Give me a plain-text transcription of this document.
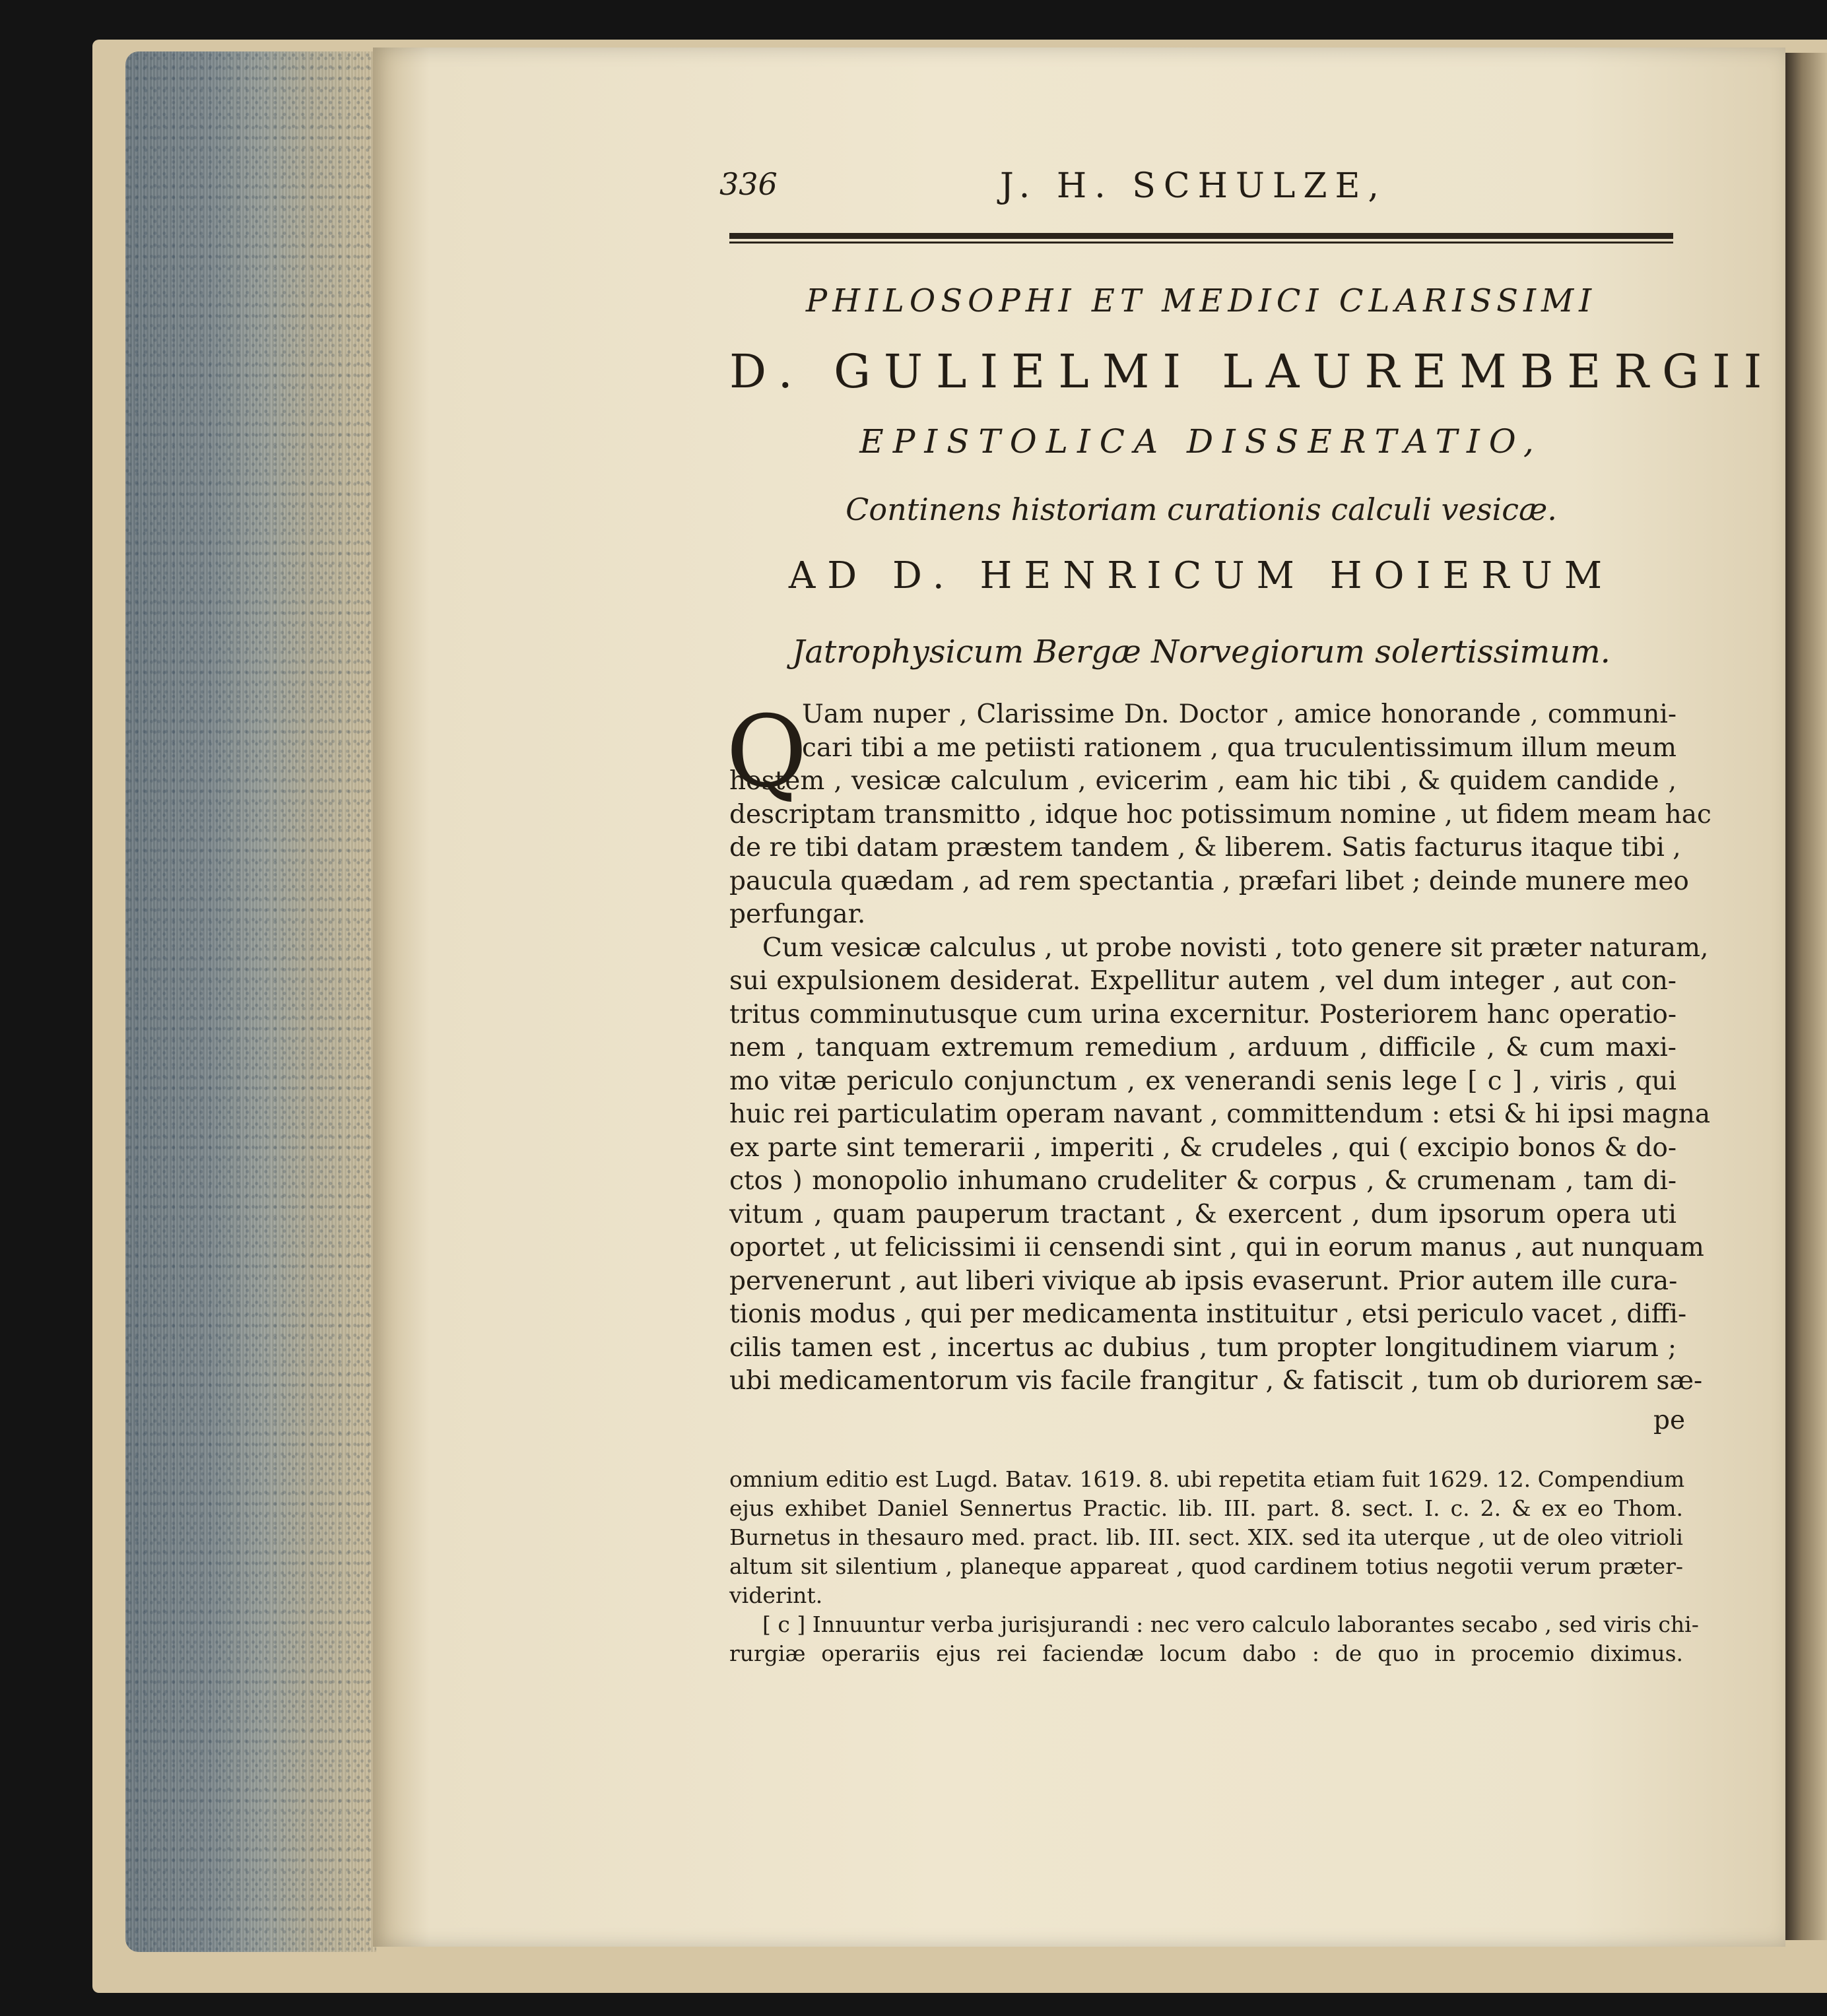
336	J. H. SCHULZE,
PHILOSOPHI ET MEDICI CLARISSIMI
D. GULIELMI LAUREMBERGII
EPISTOLICA DISSERTATIO,
Continens historiam curationis calculi vesicæ.
AD D. HENRICUM HOIERUM
Jatrophysicum Bergæ Norvegiorum solertissimum.
Q
Uam nuper , Clarissime Dn. Doctor , amice honorande , communi-
cari tibi a me petiisti rationem , qua truculentissimum illum meum
hostem , vesicæ calculum , evicerim , eam hic tibi , & quidem candide ,
descriptam transmitto , idque hoc potissimum nomine , ut fidem meam hac
de re tibi datam præstem tandem , & liberem. Satis facturus itaque tibi ,
paucula quædam , ad rem spectantia , præfari libet ; deinde munere meo
perfungar.
Cum vesicæ calculus , ut probe novisti , toto genere sit præter naturam,
sui expulsionem desiderat. Expellitur autem , vel dum integer , aut con-
tritus comminutusque cum urina excernitur. Posteriorem hanc operatio-
nem , tanquam extremum remedium , arduum , difficile , & cum maxi-
mo vitæ periculo conjunctum , ex venerandi senis lege [ c ] , viris , qui
huic rei particulatim operam navant , committendum : etsi & hi ipsi magna
ex parte sint temerarii , imperiti , & crudeles , qui ( excipio bonos & do-
ctos ) monopolio inhumano crudeliter & corpus , & crumenam , tam di-
vitum , quam pauperum tractant , & exercent , dum ipsorum opera uti
oportet , ut felicissimi ii censendi sint , qui in eorum manus , aut nunquam
pervenerunt , aut liberi vivique ab ipsis evaserunt. Prior autem ille cura-
tionis modus , qui per medicamenta instituitur , etsi periculo vacet , diffi-
cilis tamen est , incertus ac dubius , tum propter longitudinem viarum ;
ubi medicamentorum vis facile frangitur , & fatiscit , tum ob duriorem sæ-
pe
omnium editio est Lugd. Batav. 1619. 8. ubi repetita etiam fuit 1629. 12. Compendium
ejus exhibet Daniel Sennertus Practic. lib. III. part. 8. sect. I. c. 2. & ex eo Thom.
Burnetus in thesauro med. pract. lib. III. sect. XIX. sed ita uterque , ut de oleo vitrioli
altum sit silentium , planeque appareat , quod cardinem totius negotii verum præter-
viderint.
[ c ] Innuuntur verba jurisjurandi : nec vero calculo laborantes secabo , sed viris chi-
rurgiæ operariis ejus rei faciendæ locum dabo : de quo in procemio diximus.
